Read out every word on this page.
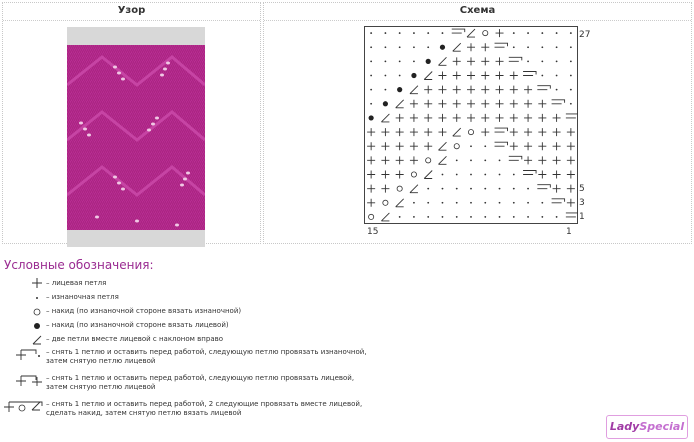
Узор	Схема
27
5
3
1
15	1
Условные обозначения:
– лицевая петля
– изнаночная петля
– накид (по изнаночной стороне вязать изнаночной)
– накид (по изнаночной стороне вязать лицевой)
– две петли вместе лицевой с наклоном вправо
– снять 1 петлю и оставить перед работой, следующую петлю провязать изнаночной,
затем снятую петлю лицевой
– снять 1 петлю и оставить перед работой, следующую петлю провязать лицевой,
затем снятую петлю лицевой
– снять 1 петлю и оставить перед работой, 2 следующие провязать вместе лицевой,
сделать накид, затем снятую петлю вязать лицевой
LadySpecial
